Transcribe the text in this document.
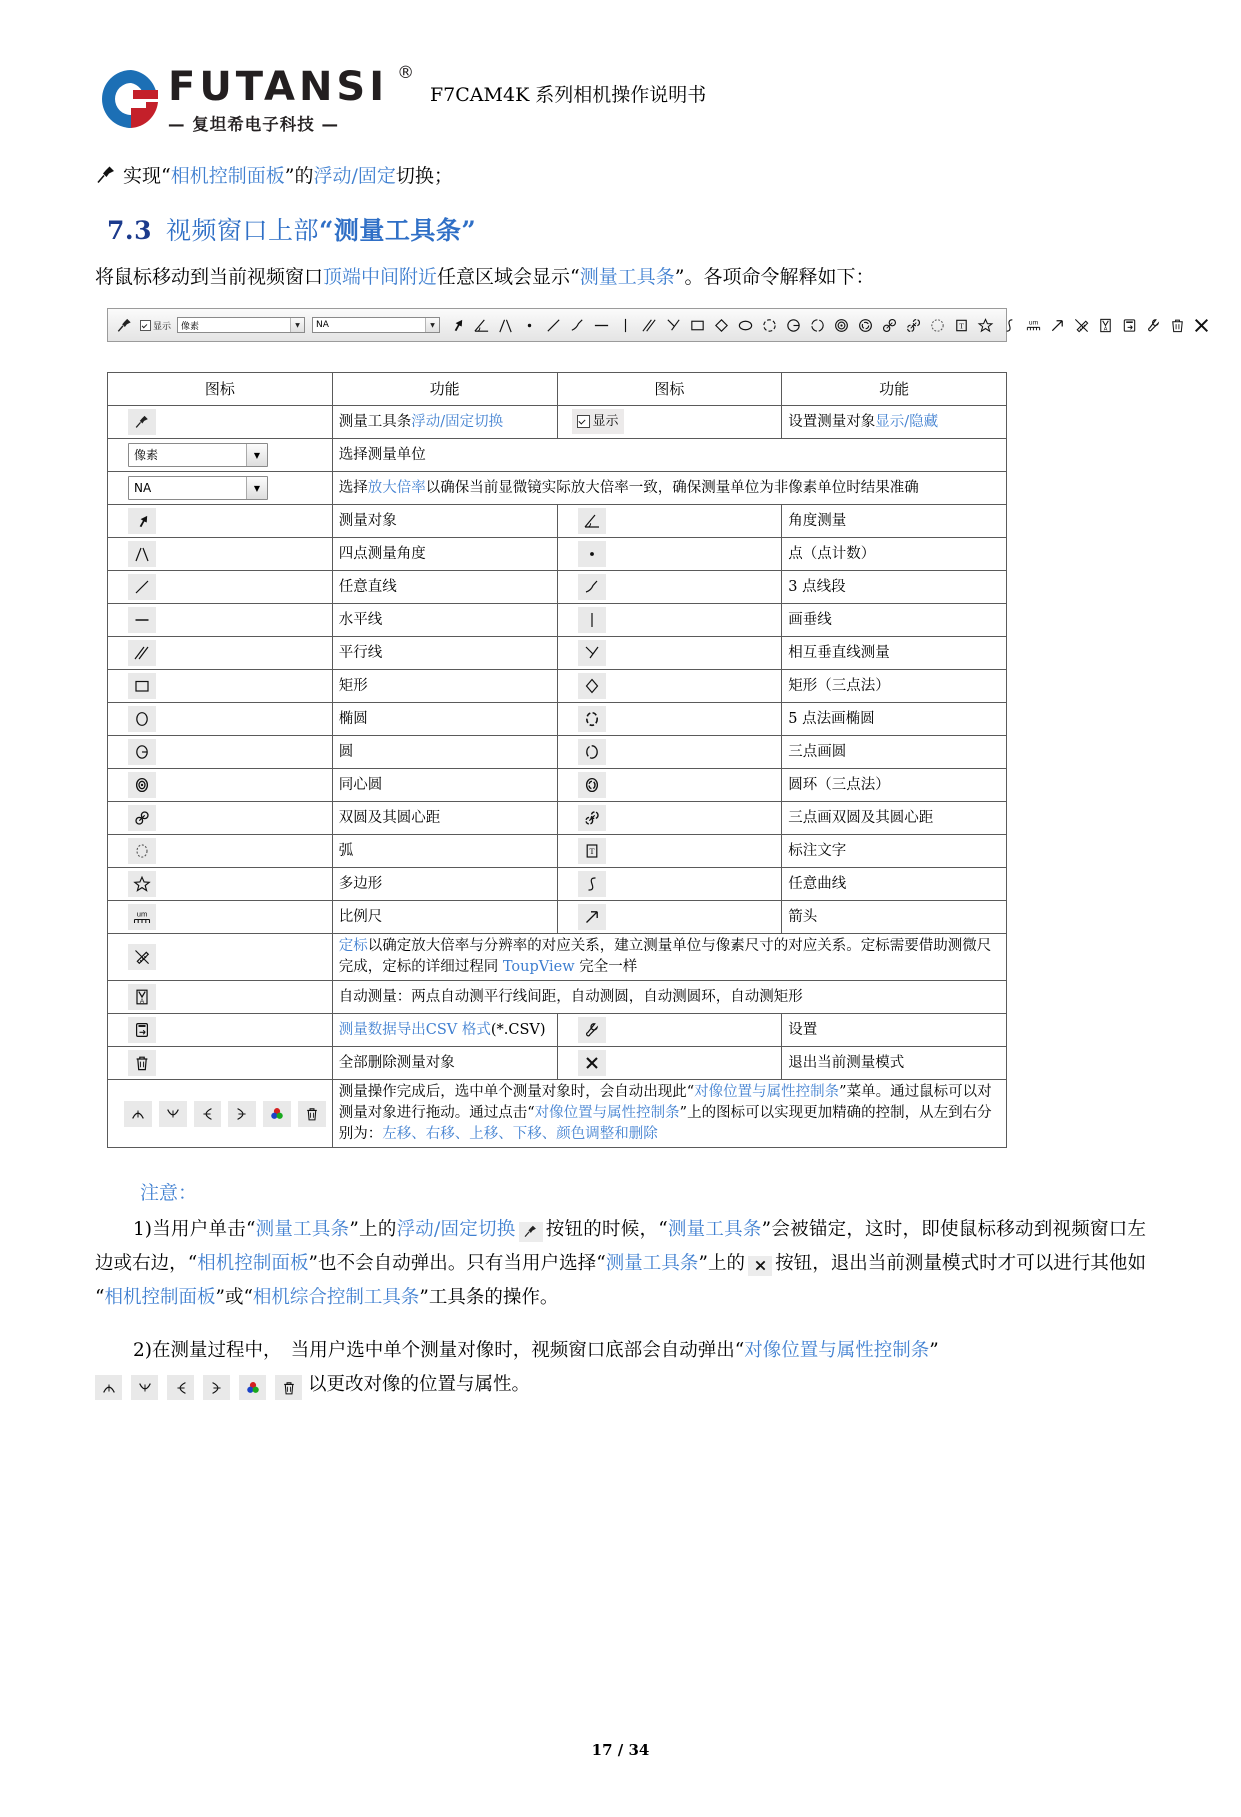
FUTANSI ®
— 复坦希电子科技 —
F7CAM4K 系列相机操作说明书
实现“相机控制面板”的浮动/固定切换；
7.3 视频窗口上部“测量工具条”

将鼠标移动到当前视频窗口顶端中间附近任意区域会显示“测量工具条”。各项命令解释如下：

显示 像素	▼	NA	▼	T	um
A
图标	功能	图标	功能

	测量工具条浮动/固定切换	显示	设置测量对象显示/隐藏

像素 ▼	选择测量单位		

NA ▼	选择放大倍率以确保当前显微镜实际放大倍率一致，确保测量单位为非像素单位时结果准确		

	测量对象		角度测量

	四点测量角度		点（点计数）

	任意直线		3 点线段

	水平线		画垂线

	平行线		相互垂直线测量

	矩形		矩形（三点法）

	椭圆		5 点法画椭圆

	圆		三点画圆

	同心圆		圆环（三点法）

	双圆及其圆心距		三点画双圆及其圆心距

	弧	T	标注文字

	多边形		任意曲线

um	比例尺		箭头

	定标以确定放大倍率与分辨率的对应关系，建立测量单位与像素尺寸的对应关系。定标需要借助测微尺完成，定标的详细过程同 ToupView 完全一样		

A	自动测量：两点自动测平行线间距，自动测圆，自动测圆环，自动测矩形		

	测量数据导出CSV 格式(*.CSV)		设置

	全部删除测量对象		退出当前测量模式

	测量操作完成后，选中单个测量对象时，会自动出现此“对像位置与属性控制条”菜单。通过鼠标可以对测量对象进行拖动。通过点击“对像位置与属性控制条”上的图标可以实现更加精确的控制，从左到右分别为：左移、右移、上移、下移、颜色调整和删除		
注意：

1)当用户单击“测量工具条”上的浮动/固定切换 按钮的时候，“测量工具条”会被锚定，这时，即使鼠标移动到视频窗口左边或右边，“相机控制面板”也不会自动弹出。只有当用户选择“测量工具条”上的 按钮，退出当前测量模式时才可以进行其他如“相机控制面板”或“相机综合控制工具条”工具条的操作。

2)在测量过程中，　当用户选中单个测量对像时，视频窗口底部会自动弹出“对像位置与属性控制条”

以更改对像的位置与属性。

17 / 34
